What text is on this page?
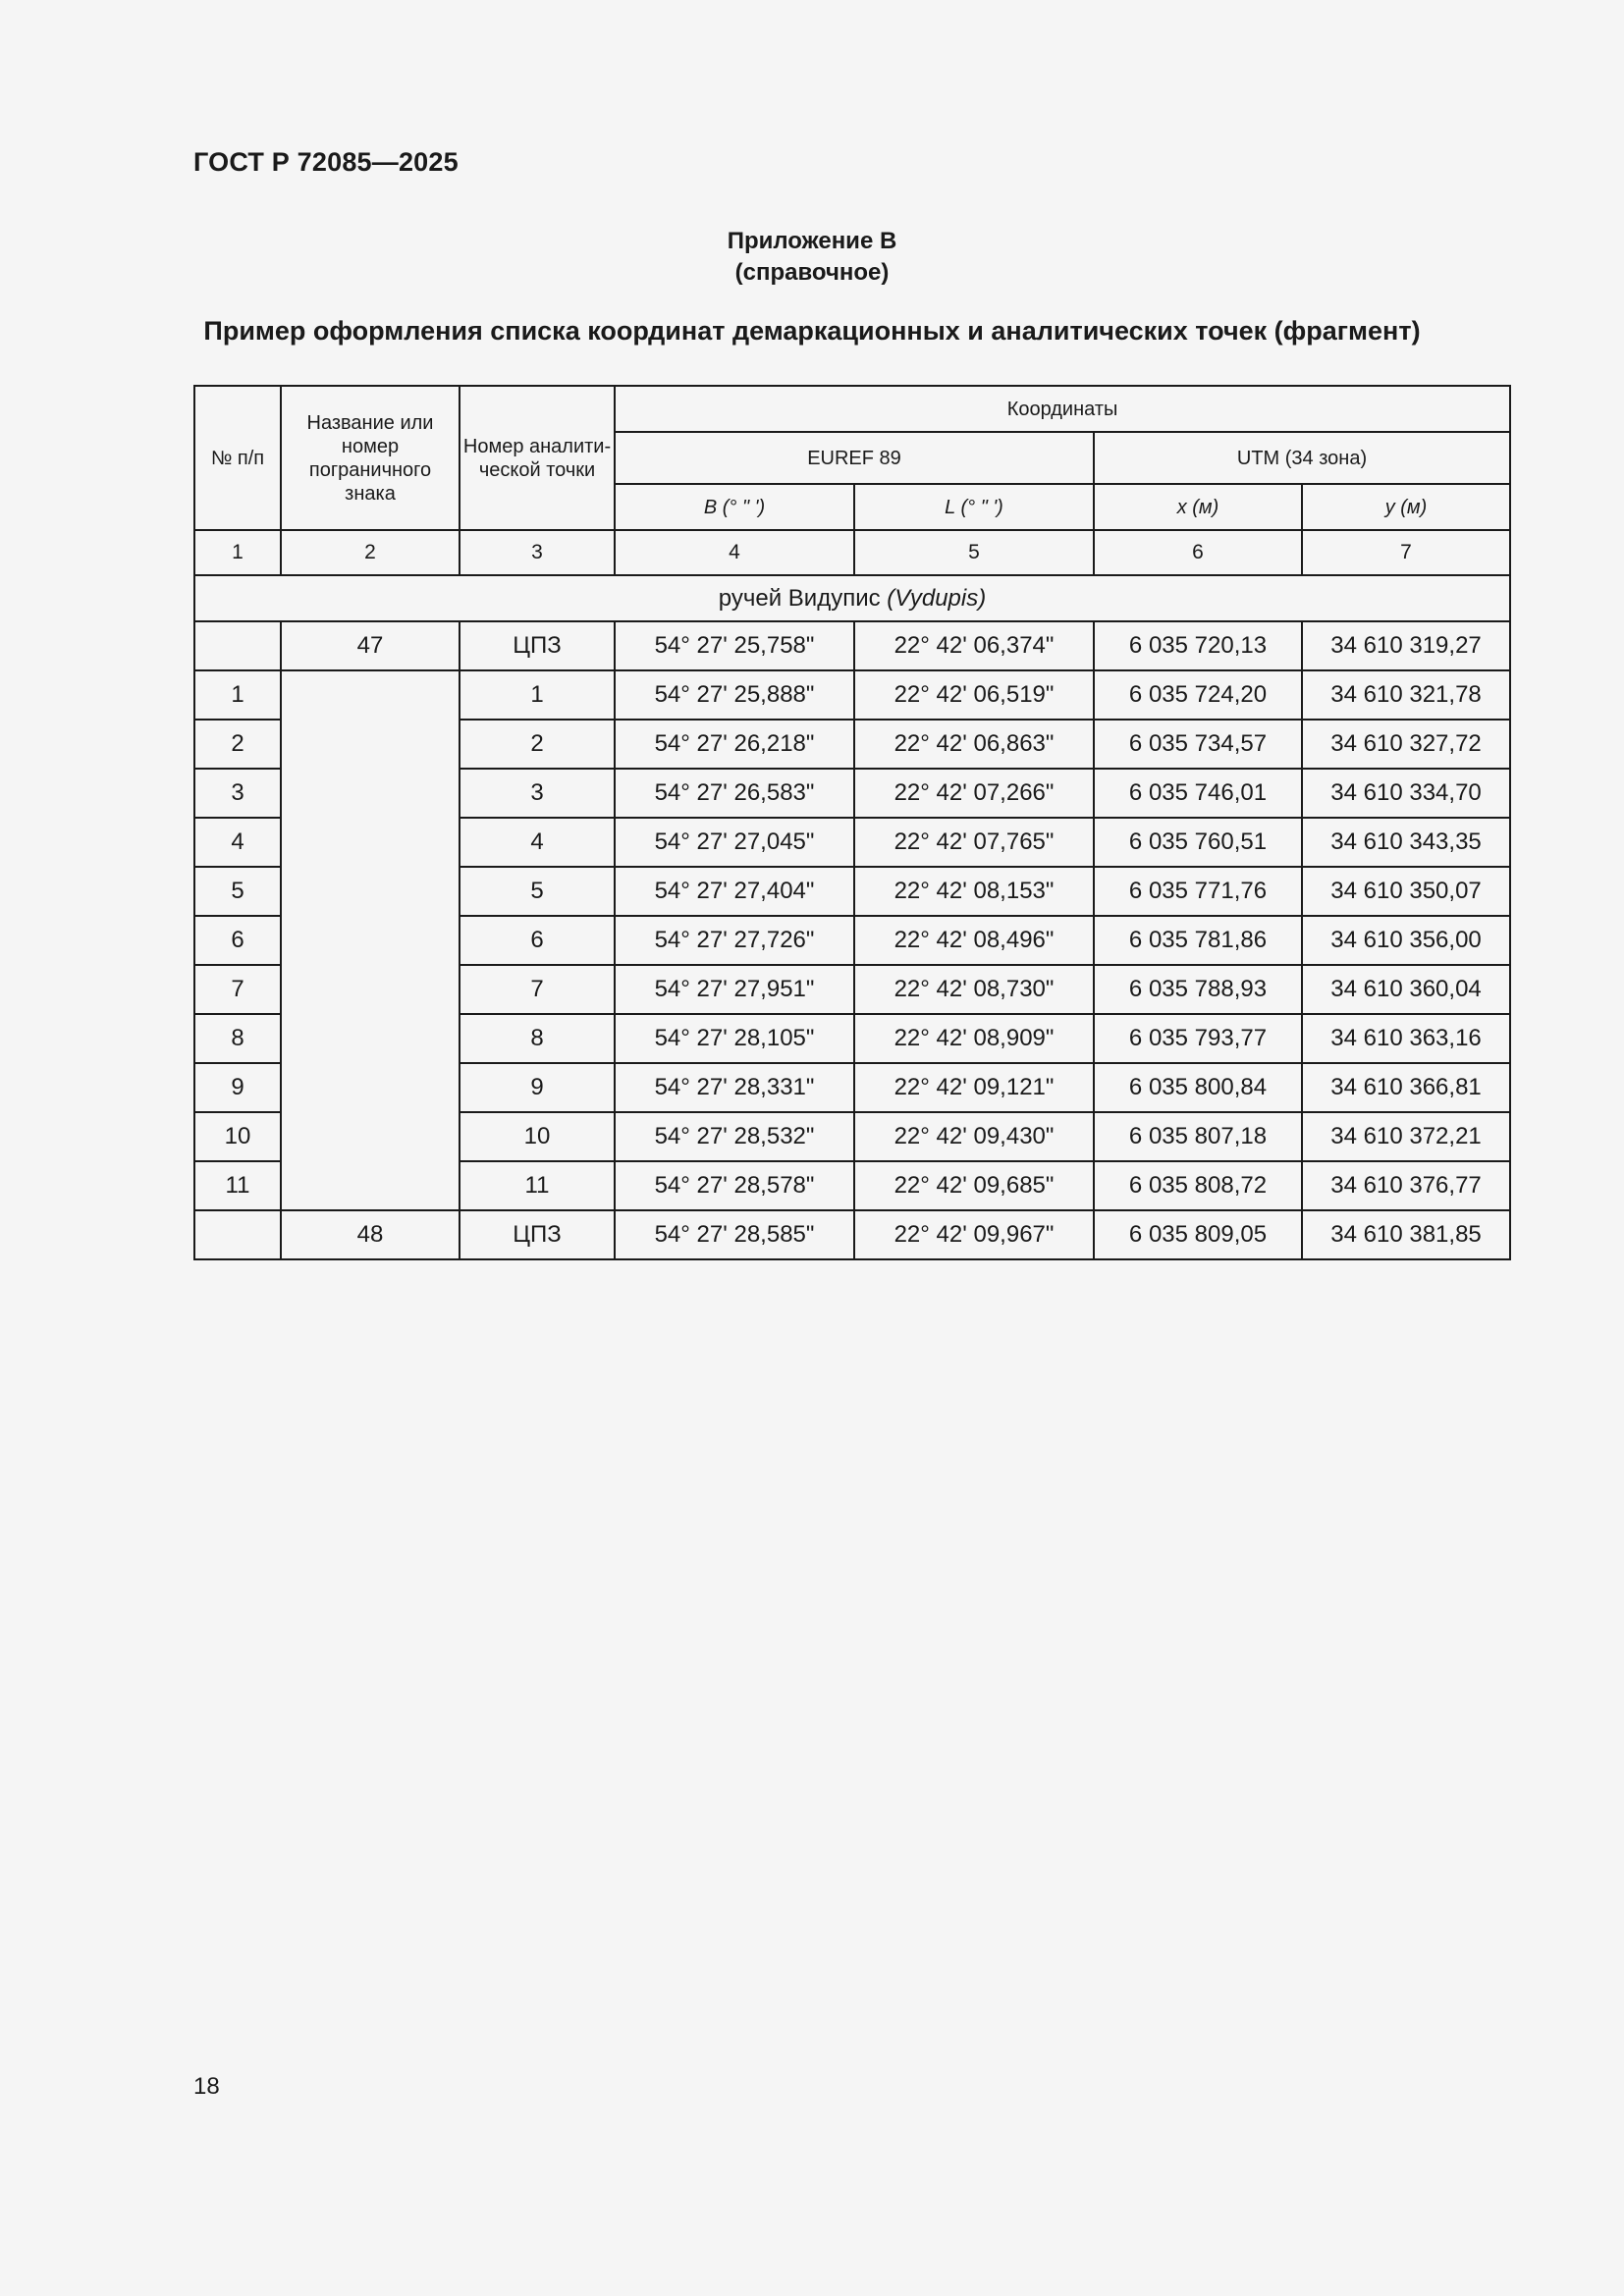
ГОСТ Р 72085—2025
Приложение В
(справочное)
Пример оформления списка координат демаркационных и аналитических точек (фрагмент)
№ п/п	Название или номер пограничного знака	Номер аналити-ческой точки	Координаты			
			EUREF 89		UTM (34 зона)	
			B (° " ')	L (° " ')	x (м)	y (м)
1	2	3	4	5	6	7
ручей Видупис (Vydupis)						
	47	ЦПЗ	54° 27' 25,758"	22° 42' 06,374"	6 035 720,13	34 610 319,27
1		1	54° 27' 25,888"	22° 42' 06,519"	6 035 724,20	34 610 321,78
2		2	54° 27' 26,218"	22° 42' 06,863"	6 035 734,57	34 610 327,72
3		3	54° 27' 26,583"	22° 42' 07,266"	6 035 746,01	34 610 334,70
4		4	54° 27' 27,045"	22° 42' 07,765"	6 035 760,51	34 610 343,35
5		5	54° 27' 27,404"	22° 42' 08,153"	6 035 771,76	34 610 350,07
6		6	54° 27' 27,726"	22° 42' 08,496"	6 035 781,86	34 610 356,00
7		7	54° 27' 27,951"	22° 42' 08,730"	6 035 788,93	34 610 360,04
8		8	54° 27' 28,105"	22° 42' 08,909"	6 035 793,77	34 610 363,16
9		9	54° 27' 28,331"	22° 42' 09,121"	6 035 800,84	34 610 366,81
10		10	54° 27' 28,532"	22° 42' 09,430"	6 035 807,18	34 610 372,21
11		11	54° 27' 28,578"	22° 42' 09,685"	6 035 808,72	34 610 376,77
	48	ЦПЗ	54° 27' 28,585"	22° 42' 09,967"	6 035 809,05	34 610 381,85
18
